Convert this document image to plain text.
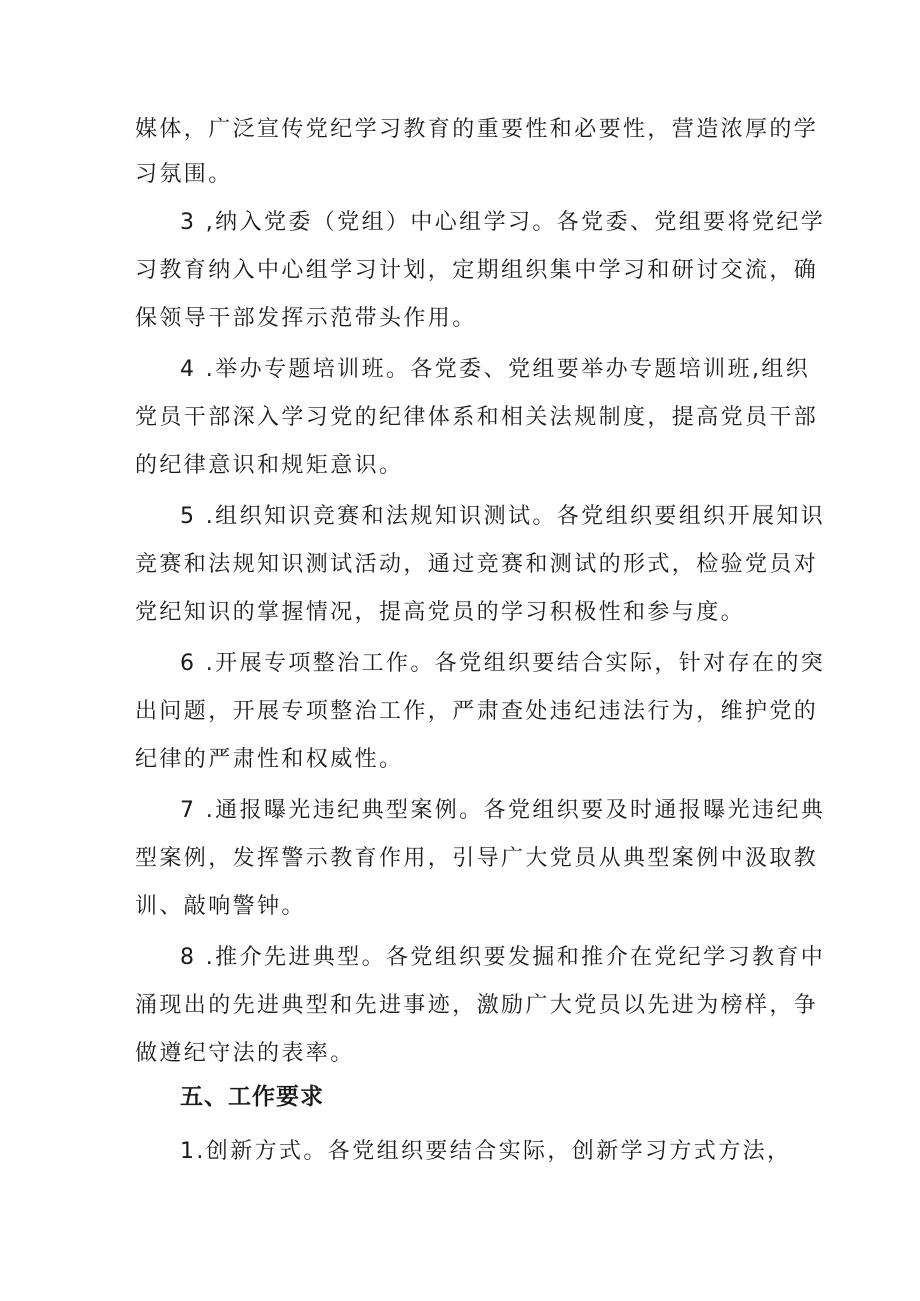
媒体，广泛宣传党纪学习教育的重要性和必要性，营造浓厚的学
习氛围。
3 ,纳入党委（党组）中心组学习。各党委、党组要将党纪学
习教育纳入中心组学习计划，定期组织集中学习和研讨交流，确
保领导干部发挥示范带头作用。
4 .举办专题培训班。各党委、党组要举办专题培训班,组织
党员干部深入学习党的纪律体系和相关法规制度，提高党员干部
的纪律意识和规矩意识。
5 .组织知识竞赛和法规知识测试。各党组织要组织开展知识
竞赛和法规知识测试活动，通过竞赛和测试的形式，检验党员对
党纪知识的掌握情况，提高党员的学习积极性和参与度。
6 .开展专项整治工作。各党组织要结合实际，针对存在的突
出问题，开展专项整治工作，严肃查处违纪违法行为，维护党的
纪律的严肃性和权威性。
7 .通报曝光违纪典型案例。各党组织要及时通报曝光违纪典
型案例，发挥警示教育作用，引导广大党员从典型案例中汲取教
训、敲响警钟。
8 .推介先进典型。各党组织要发掘和推介在党纪学习教育中
涌现出的先进典型和先进事迹，激励广大党员以先进为榜样，争
做遵纪守法的表率。
五、工作要求
1.创新方式。各党组织要结合实际，创新学习方式方法，
